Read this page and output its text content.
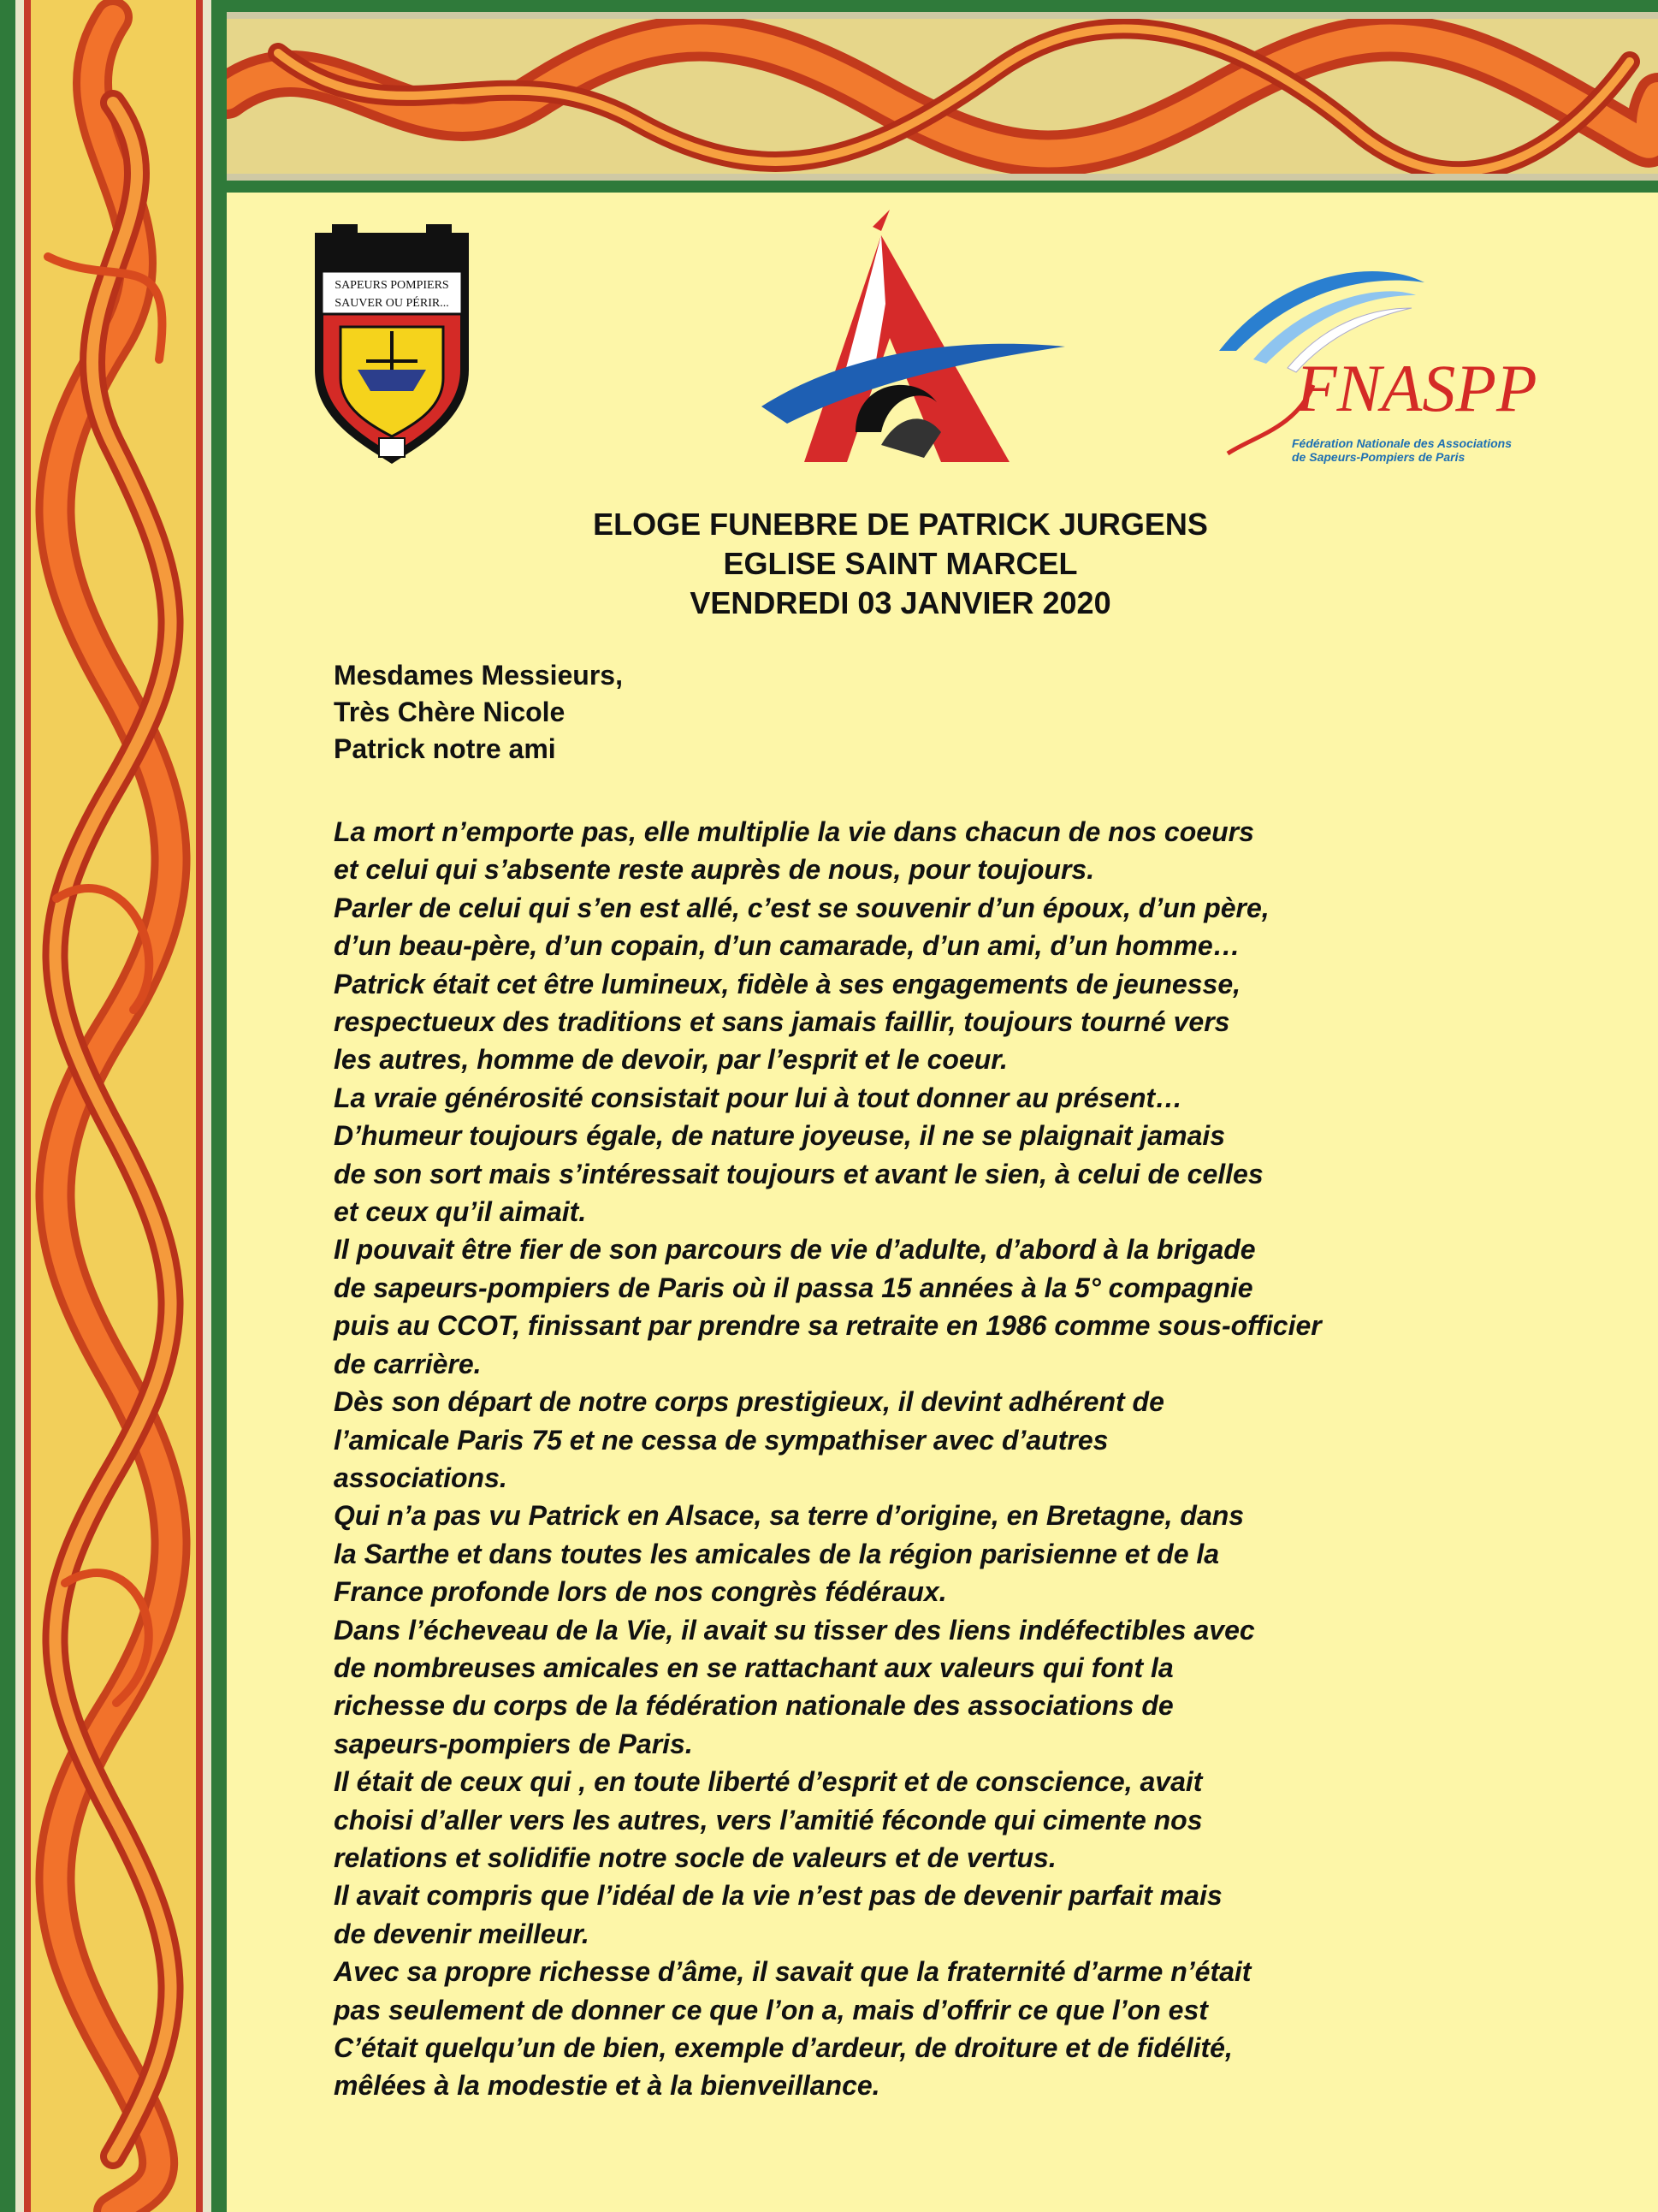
SAPEURS POMPIERS
SAUVER OU PÉRIR...
FNASPP
Fédération Nationale des Associations
de Sapeurs-Pompiers de Paris
ELOGE FUNEBRE DE PATRICK JURGENS
EGLISE SAINT MARCEL
VENDREDI 03 JANVIER 2020
Mesdames Messieurs,
Très Chère Nicole
Patrick notre ami
La mort n’emporte pas, elle multiplie la vie dans chacun de nos coeurs
et celui qui s’absente reste auprès de nous, pour toujours.
Parler de celui qui s’en est allé, c’est se souvenir d’un époux, d’un père,
d’un beau-père, d’un copain, d’un camarade, d’un ami, d’un homme…
Patrick était cet être lumineux, fidèle à ses engagements de jeunesse,
respectueux des traditions et sans jamais faillir, toujours tourné vers
les autres, homme de devoir, par l’esprit et le coeur.
La vraie générosité consistait pour lui à tout donner au présent…
D’humeur toujours égale, de nature joyeuse, il ne se plaignait jamais
de son sort mais s’intéressait toujours et avant le sien, à celui de celles
et ceux qu’il aimait.
Il pouvait être fier de son parcours de vie d’adulte, d’abord à la brigade
de sapeurs-pompiers de Paris où il passa 15 années à la 5° compagnie
puis au CCOT, finissant par prendre sa retraite en 1986 comme sous-officier
de carrière.
Dès son départ de notre corps prestigieux, il devint adhérent de
l’amicale Paris 75 et ne cessa de sympathiser avec d’autres
associations.
Qui n’a pas vu Patrick en Alsace, sa terre d’origine, en Bretagne, dans
la Sarthe et dans toutes les amicales de la région parisienne et de la
France profonde lors de nos congrès fédéraux.
Dans l’écheveau de la Vie, il avait su tisser des liens indéfectibles avec
de nombreuses amicales en se rattachant aux valeurs qui font la
richesse du corps de la fédération nationale des associations de
sapeurs-pompiers de Paris.
Il était de ceux qui , en toute liberté d’esprit et de conscience, avait
choisi d’aller vers les autres, vers l’amitié féconde qui cimente nos
relations et solidifie notre socle de valeurs et de vertus.
Il avait compris que l’idéal de la vie n’est pas de devenir parfait mais
de devenir meilleur.
Avec sa propre richesse d’âme, il savait que la fraternité d’arme n’était
pas seulement de donner ce que l’on a, mais d’offrir ce que l’on est
C’était quelqu’un de bien, exemple d’ardeur, de droiture et de fidélité,
mêlées à la modestie et à la bienveillance.
